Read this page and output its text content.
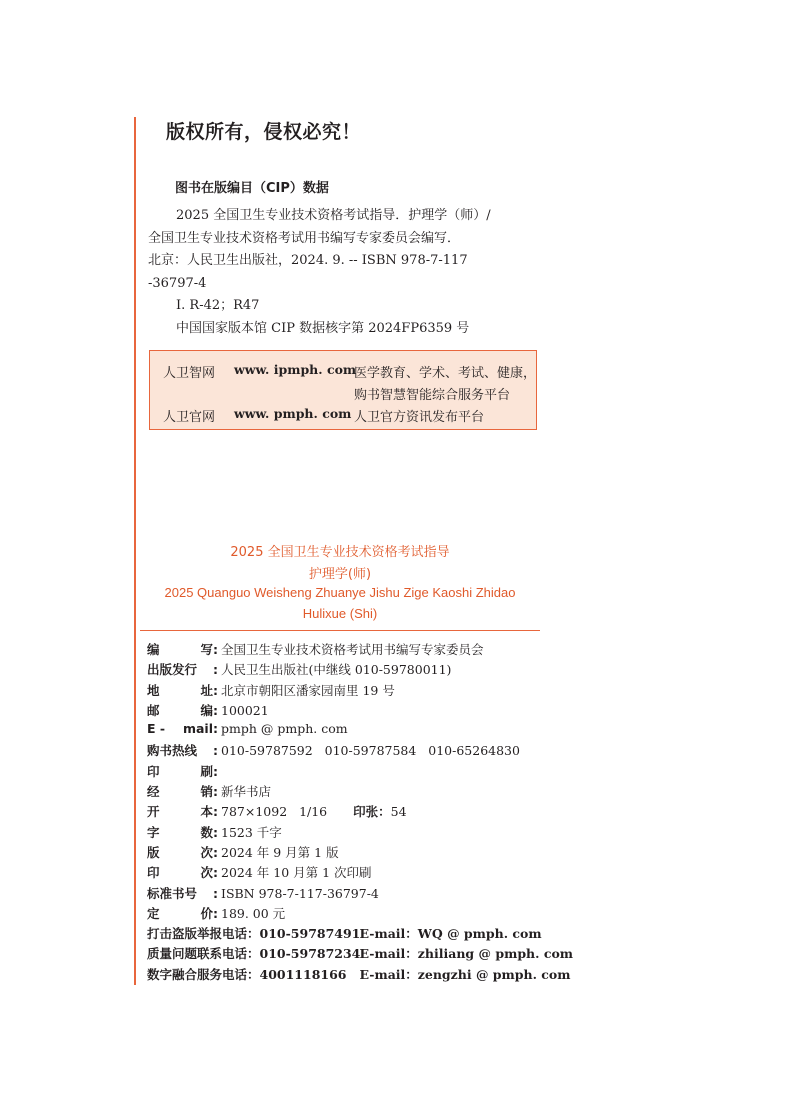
版权所有，侵权必究！
图书在版编目（CIP）数据
2025 全国卫生专业技术资格考试指导．护理学（师）/
全国卫生专业技术资格考试用书编写专家委员会编写．
北京：人民卫生出版社，2024. 9. -- ISBN 978-7-117
-36797-4
Ⅰ. R-42；R47
中国国家版本馆 CIP 数据核字第 2024FP6359 号
人卫智网	www. ipmph. com
医学教育、学术、考试、健康，
购书智慧智能综合服务平台
人卫官网	www. pmph. com 人卫官方资讯发布平台
2025 全国卫生专业技术资格考试指导
护理学(师)
2025 Quanguo Weisheng Zhuanye Jishu Zige Kaoshi Zhidao
Hulixue (Shi)
编	写 : 全国卫生专业技术资格考试用书编写专家委员会
出版发行	: 人民卫生出版社(中继线 010-59780011)
地	址 : 北京市朝阳区潘家园南里 19 号
邮	编 : 100021
E - mail : pmph @ pmph. com
购书热线	: 010-59787592   010-59787584   010-65264830
印	刷 :
经	销 : 新华书店
开	本 : 787×1092   1/16 印张： 54
字	数 : 1523 千字
版	次 : 2024 年 9 月第 1 版
印	次 : 2024 年 10 月第 1 次印刷
标准书号	: ISBN 978-7-117-36797-4
定	价 : 189. 00 元
打击盗版举报电话： 010-59787491 E-mail：WQ @ pmph. com
质量问题联系电话： 010-59787234 E-mail：zhiliang @ pmph. com
数字融合服务电话： 4001118166	E-mail：zengzhi @ pmph. com
